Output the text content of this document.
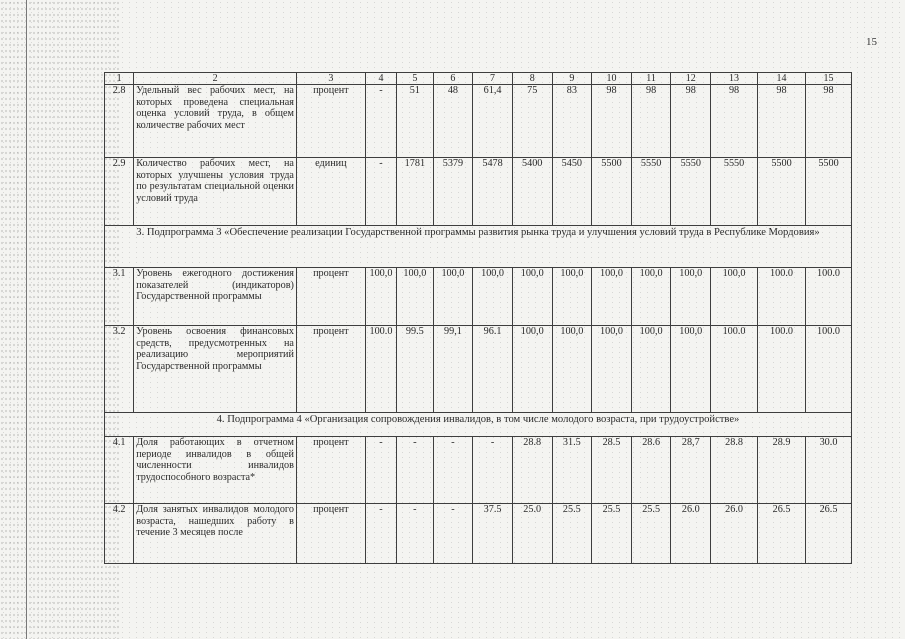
15
1	2	3	4	5	6	7	8	9	10	11	12	13	14	15
2.8	Удельный вес рабочих мест, на которых проведена специальная оценка условий труда, в общем количестве рабочих мест	процент	-	51	48	61,4	75	83	98	98	98	98	98	98
2.9	Количество рабочих мест, на которых улучшены условия труда по результатам специальной оценки условий труда	единиц	-	1781	5379	5478	5400	5450	5500	5550	5550	5550	5500	5500
3. Подпрограмма 3 «Обеспечение реализации Государственной программы развития рынка труда и улучшения условий труда в Республике Мордовия»														
3.1	Уровень ежегодного достижения показателей (индикаторов) Государственной программы	процент	100,0	100,0	100,0	100,0	100,0	100,0	100,0	100,0	100,0	100,0	100.0	100.0
3.2	Уровень освоения финансовых средств, предусмотренных на реализацию мероприятий Государственной программы	процент	100.0	99.5	99,1	96.1	100,0	100,0	100,0	100,0	100,0	100.0	100.0	100.0
4. Подпрограмма 4 «Организация сопровождения инвалидов, в том числе молодого возраста, при трудоустройстве»														
4.1	Доля работающих в отчетном периоде инвалидов в общей численности инвалидов трудоспособного возраста*	процент	-	-	-	-	28.8	31.5	28.5	28.6	28,7	28.8	28.9	30.0
4.2	Доля занятых инвалидов молодого возраста, нашедших работу в течение 3 месяцев после	процент	-	-	-	37.5	25.0	25.5	25.5	25.5	26.0	26.0	26.5	26.5
